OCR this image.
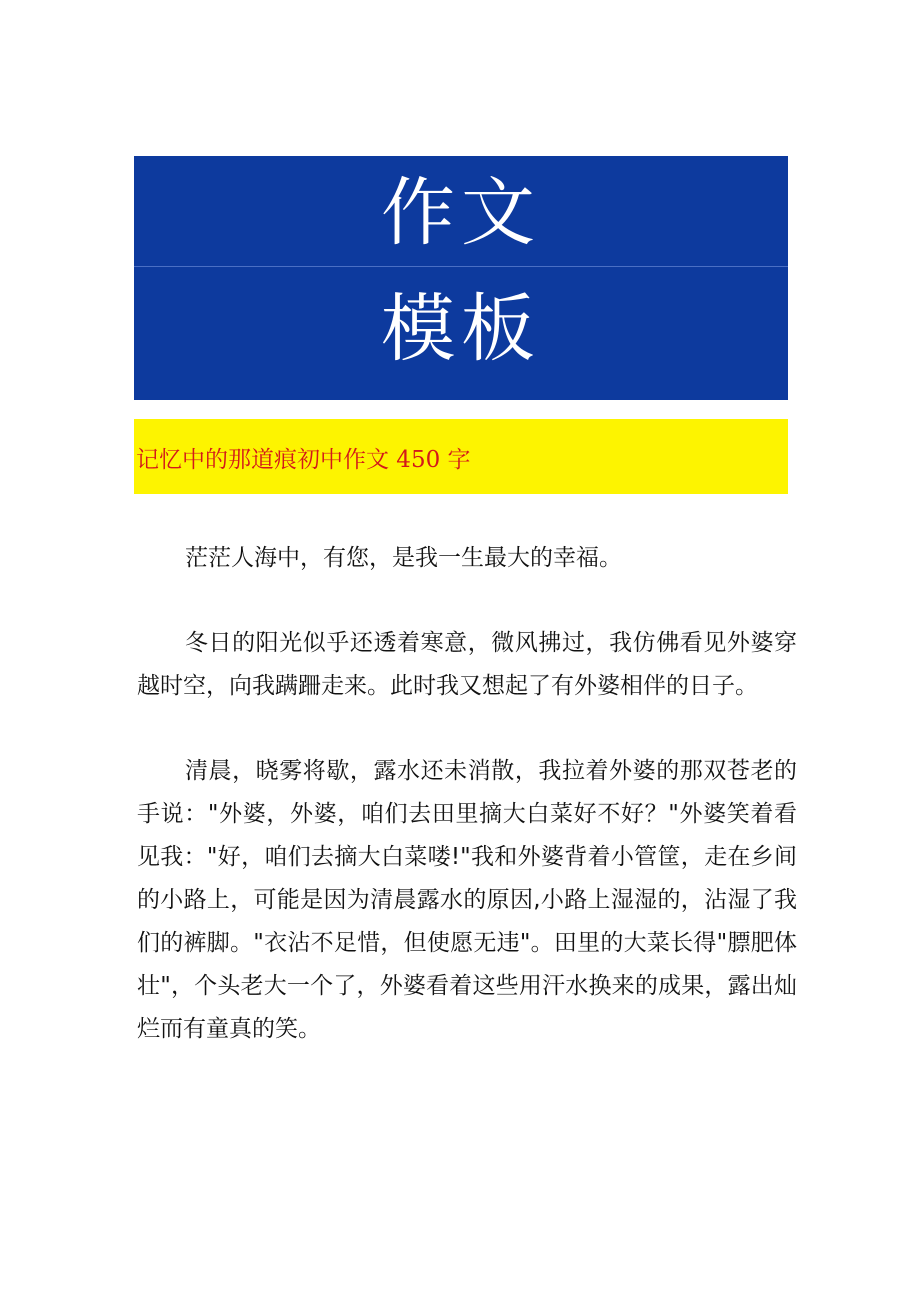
作文
模板
记忆中的那道痕初中作文 450 字

茫茫人海中，有您，是我一生最大的幸福。

冬日的阳光似乎还透着寒意，微风拂过，我仿佛看见外婆穿越时空，向我蹒跚走来。此时我又想起了有外婆相伴的日子。

清晨，晓雾将歇，露水还未消散，我拉着外婆的那双苍老的手说："外婆，外婆，咱们去田里摘大白菜好不好？"外婆笑着看见我："好，咱们去摘大白菜喽!"我和外婆背着小管筐，走在乡间的小路上，可能是因为清晨露水的原因,小路上湿湿的，沾湿了我们的裤脚。"衣沾不足惜，但使愿无违"。田里的大菜长得"膘肥体壮"，个头老大一个了，外婆看着这些用汗水换来的成果，露出灿烂而有童真的笑。
